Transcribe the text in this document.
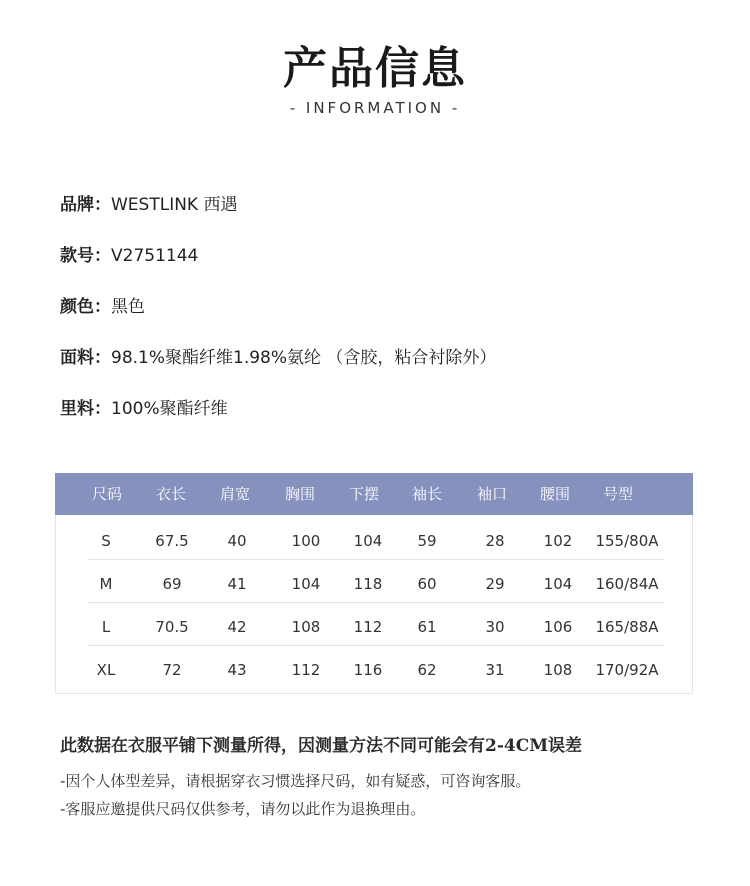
产品信息
- INFORMATION -
品牌：WESTLINK 西遇
款号：V2751144
颜色：黑色
面料：98.1%聚酯纤维1.98%氨纶 （含胶，粘合衬除外）
里料：100%聚酯纤维
尺码	衣长	肩宽	胸围	下摆	袖长	袖口	腰围	号型
S	67.5	40	100	104	59	28	102	155/80A
M	69	41	104	118	60	29	104	160/84A
L	70.5	42	108	112	61	30	106	165/88A
XL	72	43	112	116	62	31	108	170/92A
此数据在衣服平铺下测量所得，因测量方法不同可能会有2-4CM误差
-因个人体型差异，请根据穿衣习惯选择尺码，如有疑惑，可咨询客服。
-客服应邀提供尺码仅供参考，请勿以此作为退换理由。
